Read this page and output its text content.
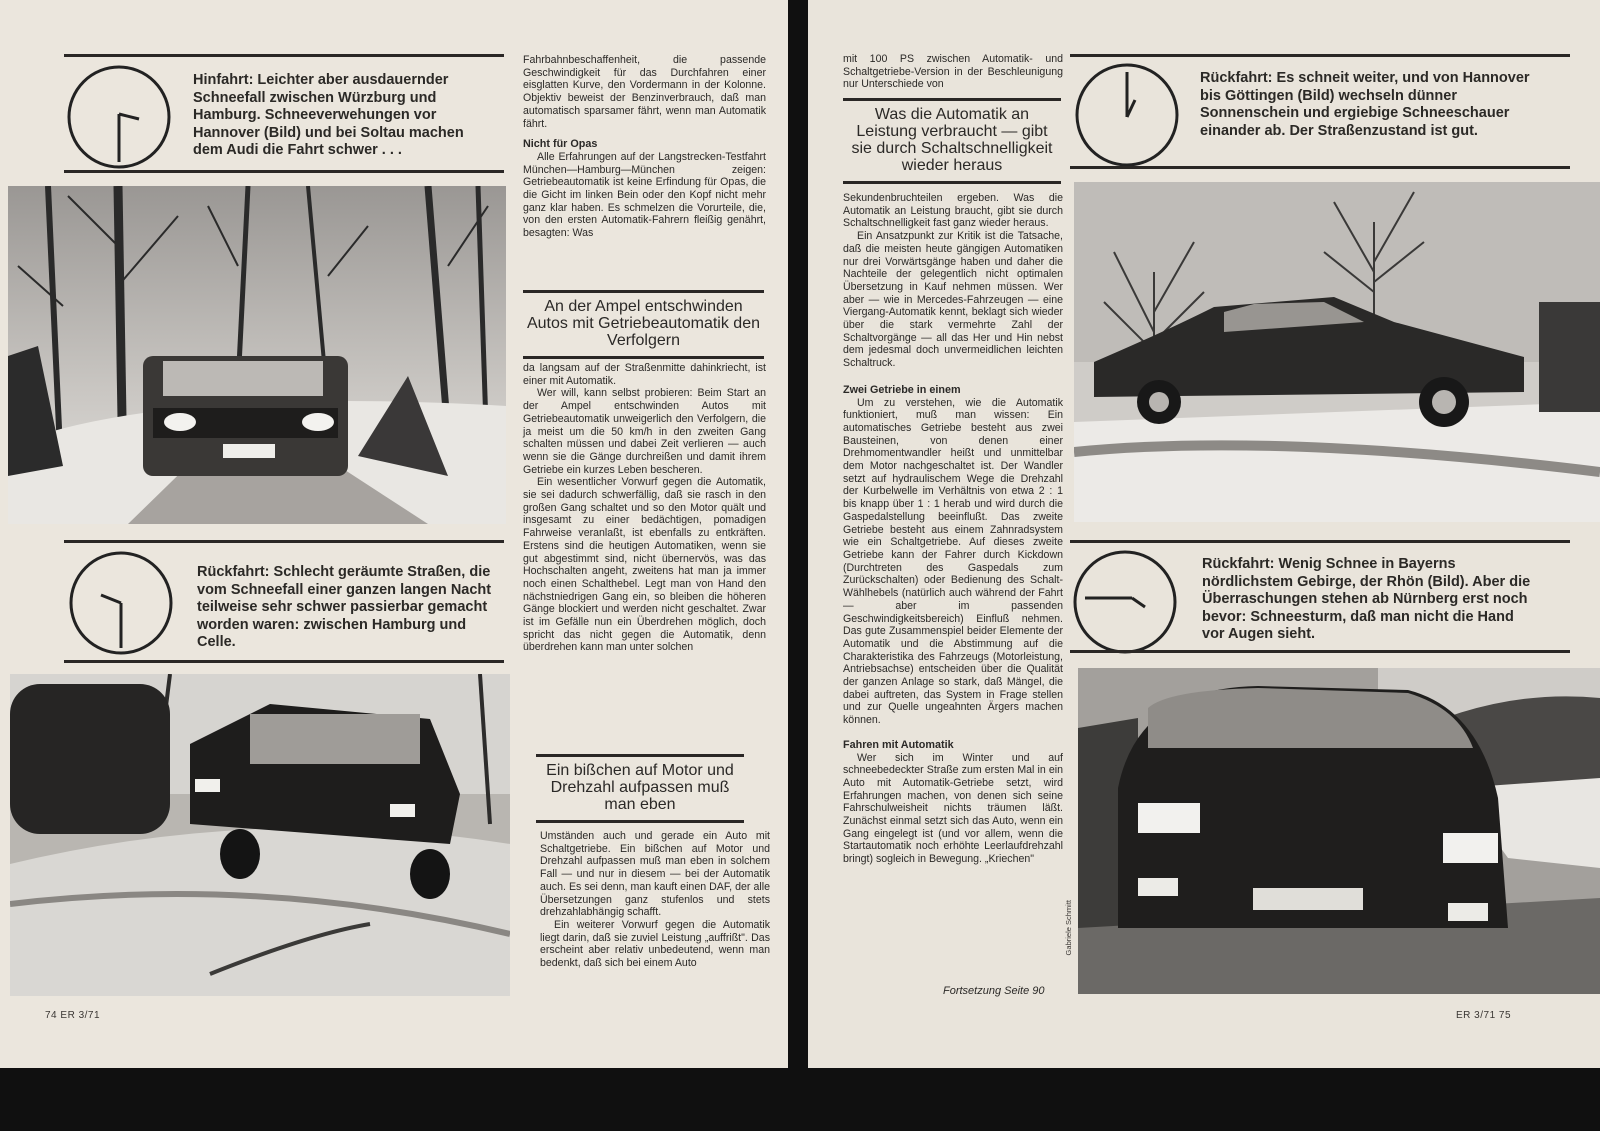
Hinfahrt: Leichter aber ausdauernder Schneefall zwischen Würzburg und Hamburg. Schneeverwehungen vor Hannover (Bild) und bei Soltau machen dem Audi die Fahrt schwer . . .
Rückfahrt: Schlecht geräumte Straßen, die vom Schneefall einer ganzen langen Nacht teilweise sehr schwer passierbar gemacht worden waren: zwischen Hamburg und Celle.

Fahrbahnbeschaffenheit, die passende Geschwindigkeit für das Durchfahren einer eisglatten Kurve, den Vordermann in der Kolonne. Objektiv beweist der Benzinverbrauch, daß man automatisch sparsamer fährt, wenn man Automatik fährt.

Nicht für Opas

Alle Erfahrungen auf der Langstrecken-Testfahrt München—Hamburg—München zeigen: Getriebeautomatik ist keine Erfindung für Opas, die die Gicht im linken Bein oder den Kopf nicht mehr ganz klar haben. Es schmelzen die Vorurteile, die, von den ersten Automatik-Fahrern fleißig genährt, besagten: Was

An der Ampel entschwinden Autos mit Getriebeautomatik den Verfolgern

da langsam auf der Straßenmitte dahinkriecht, ist einer mit Automatik.

Wer will, kann selbst probieren: Beim Start an der Ampel entschwinden Autos mit Getriebeautomatik unweigerlich den Verfolgern, die ja meist um die 50 km/h in den zweiten Gang schalten müssen und dabei Zeit verlieren — auch wenn sie die Gänge durchreißen und damit ihrem Getriebe ein kurzes Leben bescheren.

Ein wesentlicher Vorwurf gegen die Automatik, sie sei dadurch schwerfällig, daß sie rasch in den großen Gang schaltet und so den Motor quält und insgesamt zu einer bedächtigen, pomadigen Fahrweise veranlaßt, ist ebenfalls zu entkräften. Erstens sind die heutigen Automatiken, wenn sie gut abgestimmt sind, nicht übernervös, was das Hochschalten angeht, zweitens hat man ja immer noch einen Schalthebel. Legt man von Hand den nächstniedrigen Gang ein, so bleiben die höheren Gänge blockiert und werden nicht geschaltet. Zwar ist im Gefälle nun ein Überdrehen möglich, doch spricht das nicht gegen die Automatik, denn überdrehen kann man unter solchen

Ein bißchen auf Motor und Drehzahl aufpassen muß man eben

Umständen auch und gerade ein Auto mit Schaltgetriebe. Ein bißchen auf Motor und Drehzahl aufpassen muß man eben in solchem Fall — und nur in diesem — bei der Automatik auch. Es sei denn, man kauft einen DAF, der alle Übersetzungen ganz stufenlos und stets drehzahlabhängig schafft.

Ein weiterer Vorwurf gegen die Automatik liegt darin, daß sie zuviel Leistung „auffrißt". Das erscheint aber relativ unbedeutend, wenn man bedenkt, daß sich bei einem Auto

74 ER 3/71

mit 100 PS zwischen Automatik- und Schaltgetriebe-Version in der Beschleunigung nur Unterschiede von

Was die Automatik an Leistung verbraucht — gibt sie durch Schaltschnelligkeit wieder heraus

Sekundenbruchteilen ergeben. Was die Automatik an Leistung braucht, gibt sie durch Schaltschnelligkeit fast ganz wieder heraus.

Ein Ansatzpunkt zur Kritik ist die Tatsache, daß die meisten heute gängigen Automatiken nur drei Vorwärtsgänge haben und daher die Nachteile der gelegentlich nicht optimalen Übersetzung in Kauf nehmen müssen. Wer aber — wie in Mercedes-Fahrzeugen — eine Viergang-Automatik kennt, beklagt sich wieder über die stark vermehrte Zahl der Schaltvorgänge — all das Her und Hin nebst dem jedesmal doch unvermeidlichen leichten Schaltruck.

Zwei Getriebe in einem

Um zu verstehen, wie die Automatik funktioniert, muß man wissen: Ein automatisches Getriebe besteht aus zwei Bausteinen, von denen einer Drehmomentwandler heißt und unmittelbar dem Motor nachgeschaltet ist. Der Wandler setzt auf hydraulischem Wege die Drehzahl der Kurbelwelle im Verhältnis von etwa 2 : 1 bis knapp über 1 : 1 herab und wird durch die Gaspedalstellung beeinflußt. Das zweite Getriebe besteht aus einem Zahnradsystem wie ein Schaltgetriebe. Auf dieses zweite Getriebe kann der Fahrer durch Kickdown (Durchtreten des Gaspedals zum Zurückschalten) oder Bedienung des Schalt-Wählhebels (natürlich auch während der Fahrt — aber im passenden Geschwindigkeitsbereich) Einfluß nehmen. Das gute Zusammenspiel beider Elemente der Automatik und die Abstimmung auf die Charakteristika des Fahrzeugs (Motorleistung, Antriebsachse) entscheiden über die Qualität der ganzen Anlage so stark, daß Mängel, die dabei auftreten, das System in Frage stellen und zur Quelle ungeahnten Ärgers machen können.

Fahren mit Automatik

Wer sich im Winter und auf schneebedeckter Straße zum ersten Mal in ein Auto mit Automatik-Getriebe setzt, wird Erfahrungen machen, von denen sich seine Fahrschulweisheit nichts träumen läßt. Zunächst einmal setzt sich das Auto, wenn ein Gang eingelegt ist (und vor allem, wenn die Startautomatik noch erhöhte Leerlaufdrehzahl bringt) sogleich in Bewegung. „Kriechen"

Fortsetzung Seite 90
Gabriele Schmitt
Rückfahrt: Es schneit weiter, und von Hannover bis Göttingen (Bild) wechseln dünner Sonnenschein und ergiebige Schneeschauer einander ab. Der Straßenzustand ist gut.
Rückfahrt: Wenig Schnee in Bayerns nördlichstem Gebirge, der Rhön (Bild). Aber die Überraschungen stehen ab Nürnberg erst noch bevor: Schneesturm, daß man nicht die Hand vor Augen sieht.
ER 3/71 75
